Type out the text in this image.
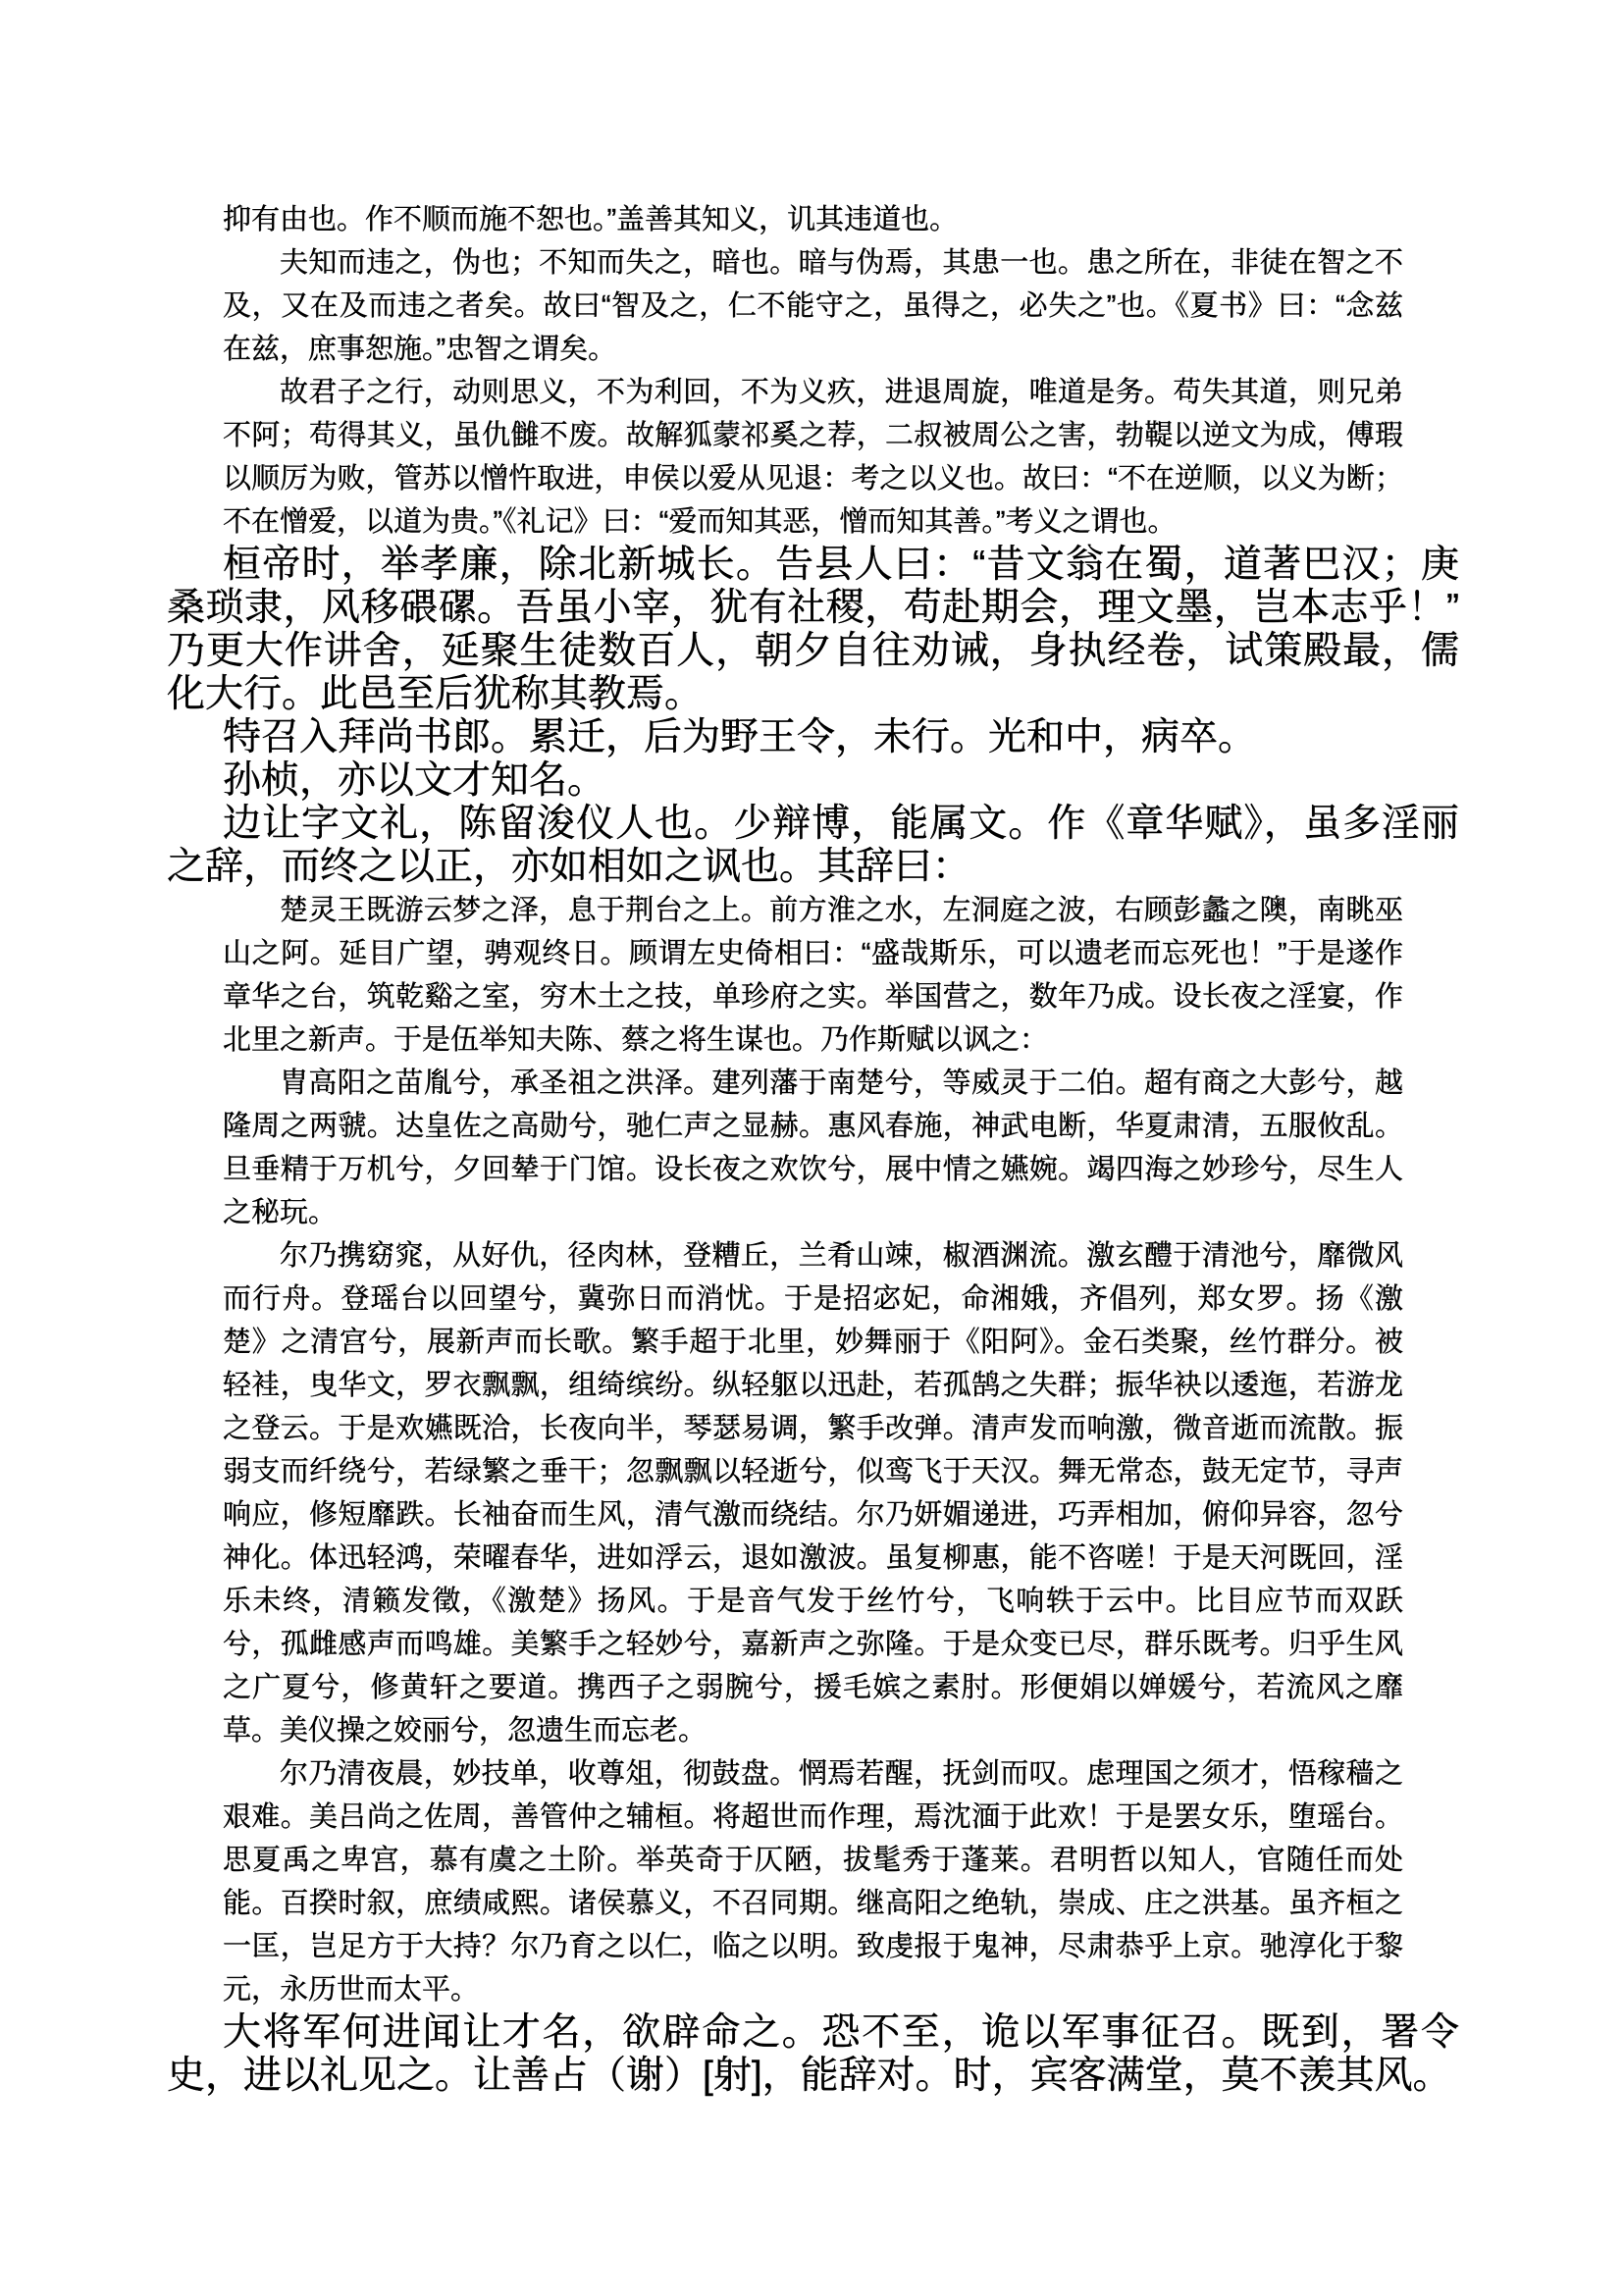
抑有由也。作不顺而施不恕也。”盖善其知义，讥其违道也。

夫知而违之，伪也；不知而失之，暗也。暗与伪焉，其患一也。患之所在，非徒在智之不及，又在及而违之者矣。故曰“智及之，仁不能守之，虽得之，必失之”也。《夏书》曰：“念兹在兹，庶事恕施。”忠智之谓矣。

故君子之行，动则思义，不为利回，不为义疚，进退周旋，唯道是务。苟失其道，则兄弟不阿；苟得其义，虽仇雠不废。故解狐蒙祁奚之荐，二叔被周公之害，勃鞮以逆文为成，傅瑕以顺厉为败，管苏以憎忤取进，申侯以爱从见退：考之以义也。故曰：“不在逆顺，以义为断；不在憎爱，以道为贵。”《礼记》曰：“爱而知其恶，憎而知其善。”考义之谓也。

桓帝时，举孝廉，除北新城长。告县人曰：“昔文翁在蜀，道著巴汉；庚桑琐隶，风移碨磥。吾虽小宰，犹有社稷，苟赴期会，理文墨，岂本志乎！”乃更大作讲舍，延聚生徒数百人，朝夕自往劝诫，身执经卷，试策殿最，儒化大行。此邑至后犹称其教焉。

特召入拜尚书郎。累迁，后为野王令，未行。光和中，病卒。

孙桢，亦以文才知名。

边让字文礼，陈留浚仪人也。少辩博，能属文。作《章华赋》，虽多淫丽之辞，而终之以正，亦如相如之讽也。其辞曰：

楚灵王既游云梦之泽，息于荆台之上。前方淮之水，左洞庭之波，右顾彭蠡之隩，南眺巫山之阿。延目广望，骋观终日。顾谓左史倚相曰：“盛哉斯乐，可以遗老而忘死也！”于是遂作章华之台，筑乾谿之室，穷木土之技，单珍府之实。举国营之，数年乃成。设长夜之淫宴，作北里之新声。于是伍举知夫陈、蔡之将生谋也。乃作斯赋以讽之：

胄高阳之苗胤兮，承圣祖之洪泽。建列藩于南楚兮，等威灵于二伯。超有商之大彭兮，越隆周之两虢。达皇佐之高勋兮，驰仁声之显赫。惠风春施，神武电断，华夏肃清，五服攸乱。旦垂精于万机兮，夕回辇于门馆。设长夜之欢饮兮，展中情之嬿婉。竭四海之妙珍兮，尽生人之秘玩。

尔乃携窈窕，从好仇，径肉林，登糟丘，兰肴山竦，椒酒渊流。激玄醴于清池兮，靡微风而行舟。登瑶台以回望兮，冀弥日而消忧。于是招宓妃，命湘娥，齐倡列，郑女罗。扬《激楚》之清宫兮，展新声而长歌。繁手超于北里，妙舞丽于《阳阿》。金石类聚，丝竹群分。被轻袿，曳华文，罗衣飘飘，组绮缤纷。纵轻躯以迅赴，若孤鹄之失群；振华袂以逶迤，若游龙之登云。于是欢嬿既洽，长夜向半，琴瑟易调，繁手改弹。清声发而响激，微音逝而流散。振弱支而纤绕兮，若绿繁之垂干；忽飘飘以轻逝兮，似鸾飞于天汉。舞无常态，鼓无定节，寻声响应，修短靡跌。长袖奋而生风，清气激而绕结。尔乃妍媚递进，巧弄相加，俯仰异容，忽兮神化。体迅轻鸿，荣曜春华，进如浮云，退如激波。虽复柳惠，能不咨嗟！于是天河既回，淫乐未终，清籁发徵，《激楚》扬风。于是音气发于丝竹兮，飞响轶于云中。比目应节而双跃兮，孤雌感声而鸣雄。美繁手之轻妙兮，嘉新声之弥隆。于是众变已尽，群乐既考。归乎生风之广夏兮，修黄轩之要道。携西子之弱腕兮，援毛嫔之素肘。形便娟以婵媛兮，若流风之靡草。美仪操之姣丽兮，忽遗生而忘老。

尔乃清夜晨，妙技单，收尊俎，彻鼓盘。惘焉若醒，抚剑而叹。虑理国之须才，悟稼穑之艰难。美吕尚之佐周，善管仲之辅桓。将超世而作理，焉沈湎于此欢！于是罢女乐，堕瑶台。思夏禹之卑宫，慕有虞之土阶。举英奇于仄陋，拔髦秀于蓬莱。君明哲以知人，官随任而处能。百揆时叙，庶绩咸熙。诸侯慕义，不召同期。继高阳之绝轨，崇成、庄之洪基。虽齐桓之一匡，岂足方于大持？尔乃育之以仁，临之以明。致虔报于鬼神，尽肃恭乎上京。驰淳化于黎元，永历世而太平。

大将军何进闻让才名，欲辟命之。恐不至，诡以军事征召。既到，署令史，进以礼见之。让善占（谢）[射]，能辞对。时，宾客满堂，莫不羡其风。
